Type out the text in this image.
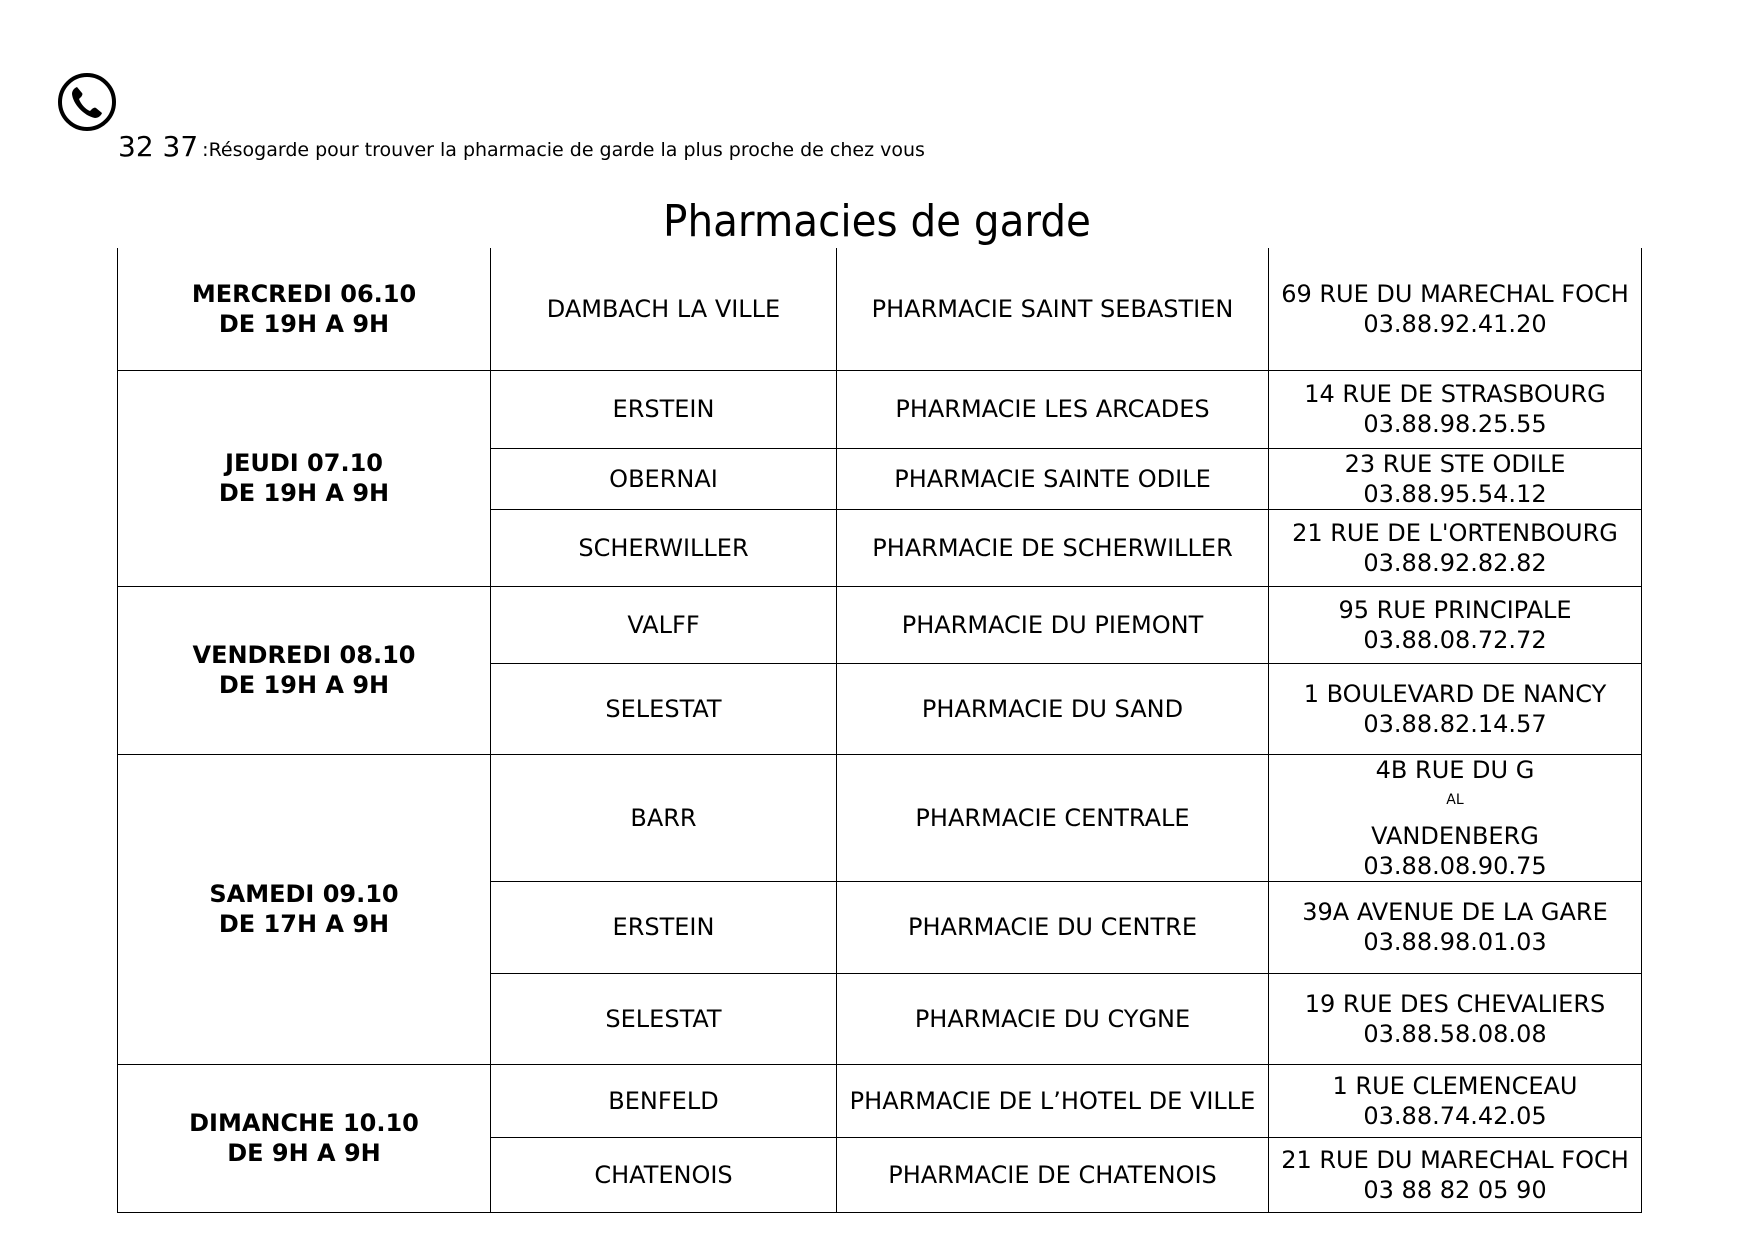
32 37 :Résogarde pour trouver la pharmacie de garde la plus proche de chez vous
Pharmacies de garde
MERCREDI 06.10
DE 19H A 9H	DAMBACH LA VILLE	PHARMACIE SAINT SEBASTIEN	69 RUE DU MARECHAL FOCH
03.88.92.41.20

JEUDI 07.10
DE 19H A 9H	ERSTEIN	PHARMACIE LES ARCADES	14 RUE DE STRASBOURG
03.88.98.25.55

	OBERNAI	PHARMACIE SAINTE ODILE	23 RUE STE ODILE
03.88.95.54.12

	SCHERWILLER	PHARMACIE DE SCHERWILLER	21 RUE DE L'ORTENBOURG
03.88.92.82.82

VENDREDI 08.10
DE 19H A 9H	VALFF	PHARMACIE DU PIEMONT	95 RUE PRINCIPALE
03.88.08.72.72

	SELESTAT	PHARMACIE DU SAND	1 BOULEVARD DE NANCY
03.88.82.14.57

SAMEDI 09.10
DE 17H A 9H	BARR	PHARMACIE CENTRALE	4B RUE DU G
$^{AL}$
VANDENBERG
03.88.08.90.75

	ERSTEIN	PHARMACIE DU CENTRE	39A AVENUE DE LA GARE
03.88.98.01.03

	SELESTAT	PHARMACIE DU CYGNE	19 RUE DES CHEVALIERS
03.88.58.08.08

DIMANCHE 10.10
DE 9H A 9H	BENFELD	PHARMACIE DE L’HOTEL DE VILLE	1 RUE CLEMENCEAU
03.88.74.42.05

	CHATENOIS	PHARMACIE DE CHATENOIS	21 RUE DU MARECHAL FOCH
03 88 82 05 90
